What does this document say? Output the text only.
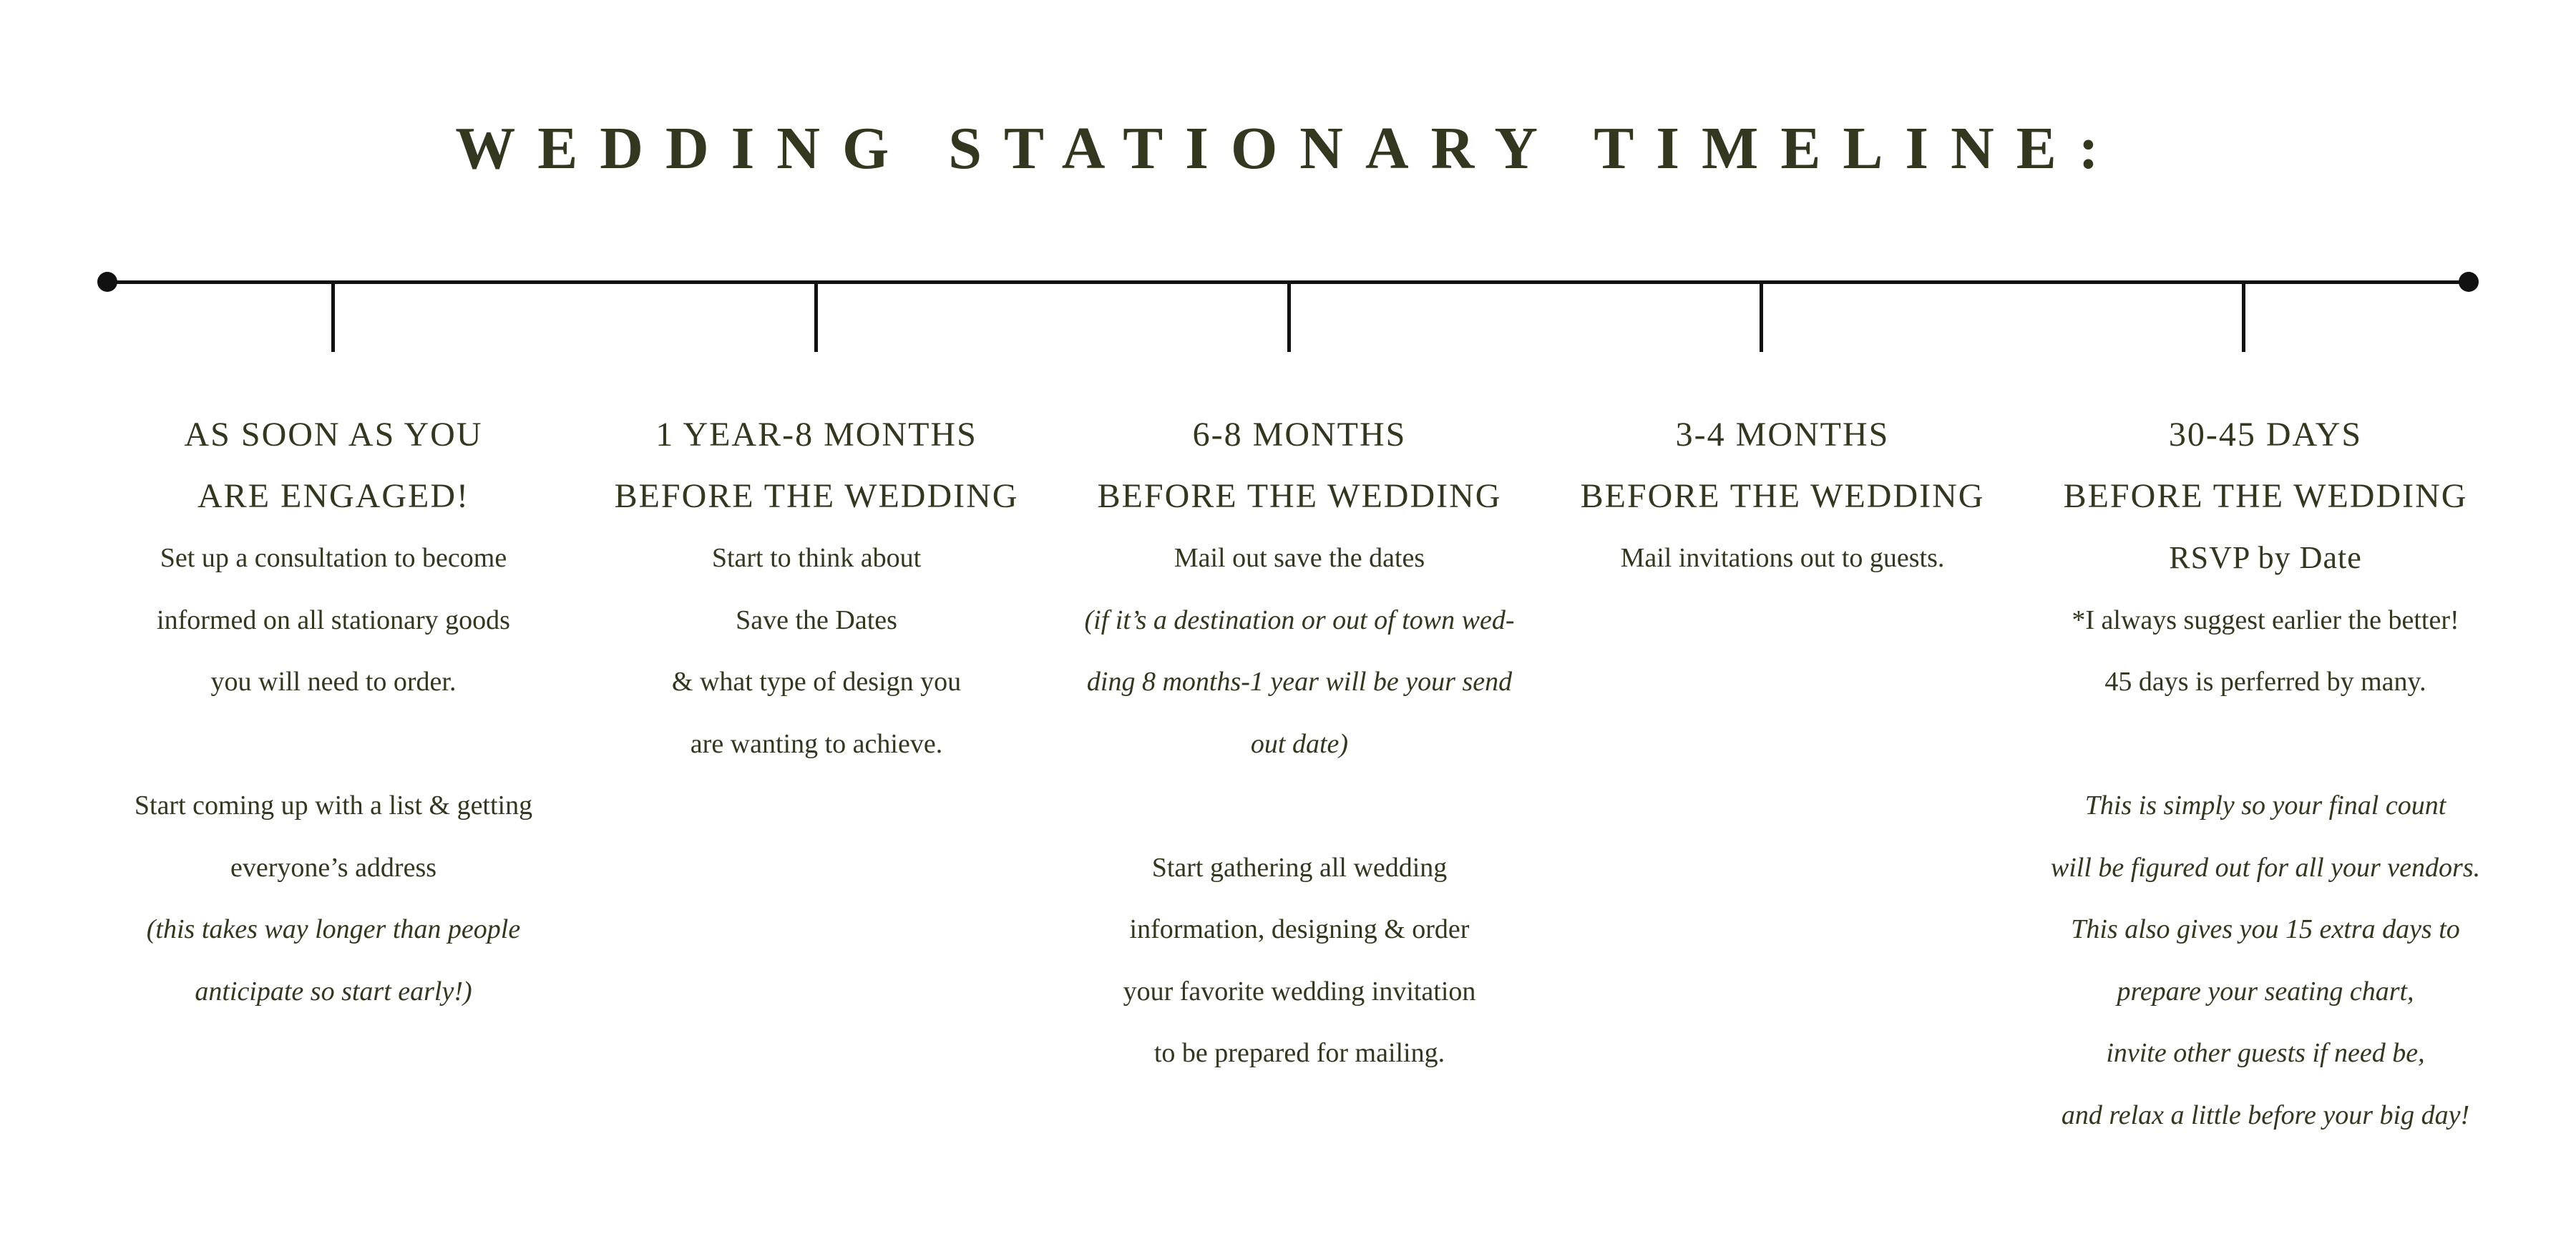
WEDDING STATIONARY TIMELINE:
AS SOON AS YOU
ARE ENGAGED!
Set up a consultation to become
informed on all stationary goods
you will need to order.
Start coming up with a list & getting
everyone’s address
(this takes way longer than people
anticipate so start early!)
1 YEAR-8 MONTHS
BEFORE THE WEDDING
Start to think about
Save the Dates
& what type of design you
are wanting to achieve.
6-8 MONTHS
BEFORE THE WEDDING
Mail out save the dates
(if it’s a destination or out of town wed-
ding 8 months-1 year will be your send
out date)
Start gathering all wedding
information, designing & order
your favorite wedding invitation
to be prepared for mailing.
3-4 MONTHS
BEFORE THE WEDDING
Mail invitations out to guests.
30-45 DAYS
BEFORE THE WEDDING
RSVP by Date
*I always suggest earlier the better!
45 days is perferred by many.
This is simply so your final count
will be figured out for all your vendors.
This also gives you 15 extra days to
prepare your seating chart,
invite other guests if need be,
and relax a little before your big day!
